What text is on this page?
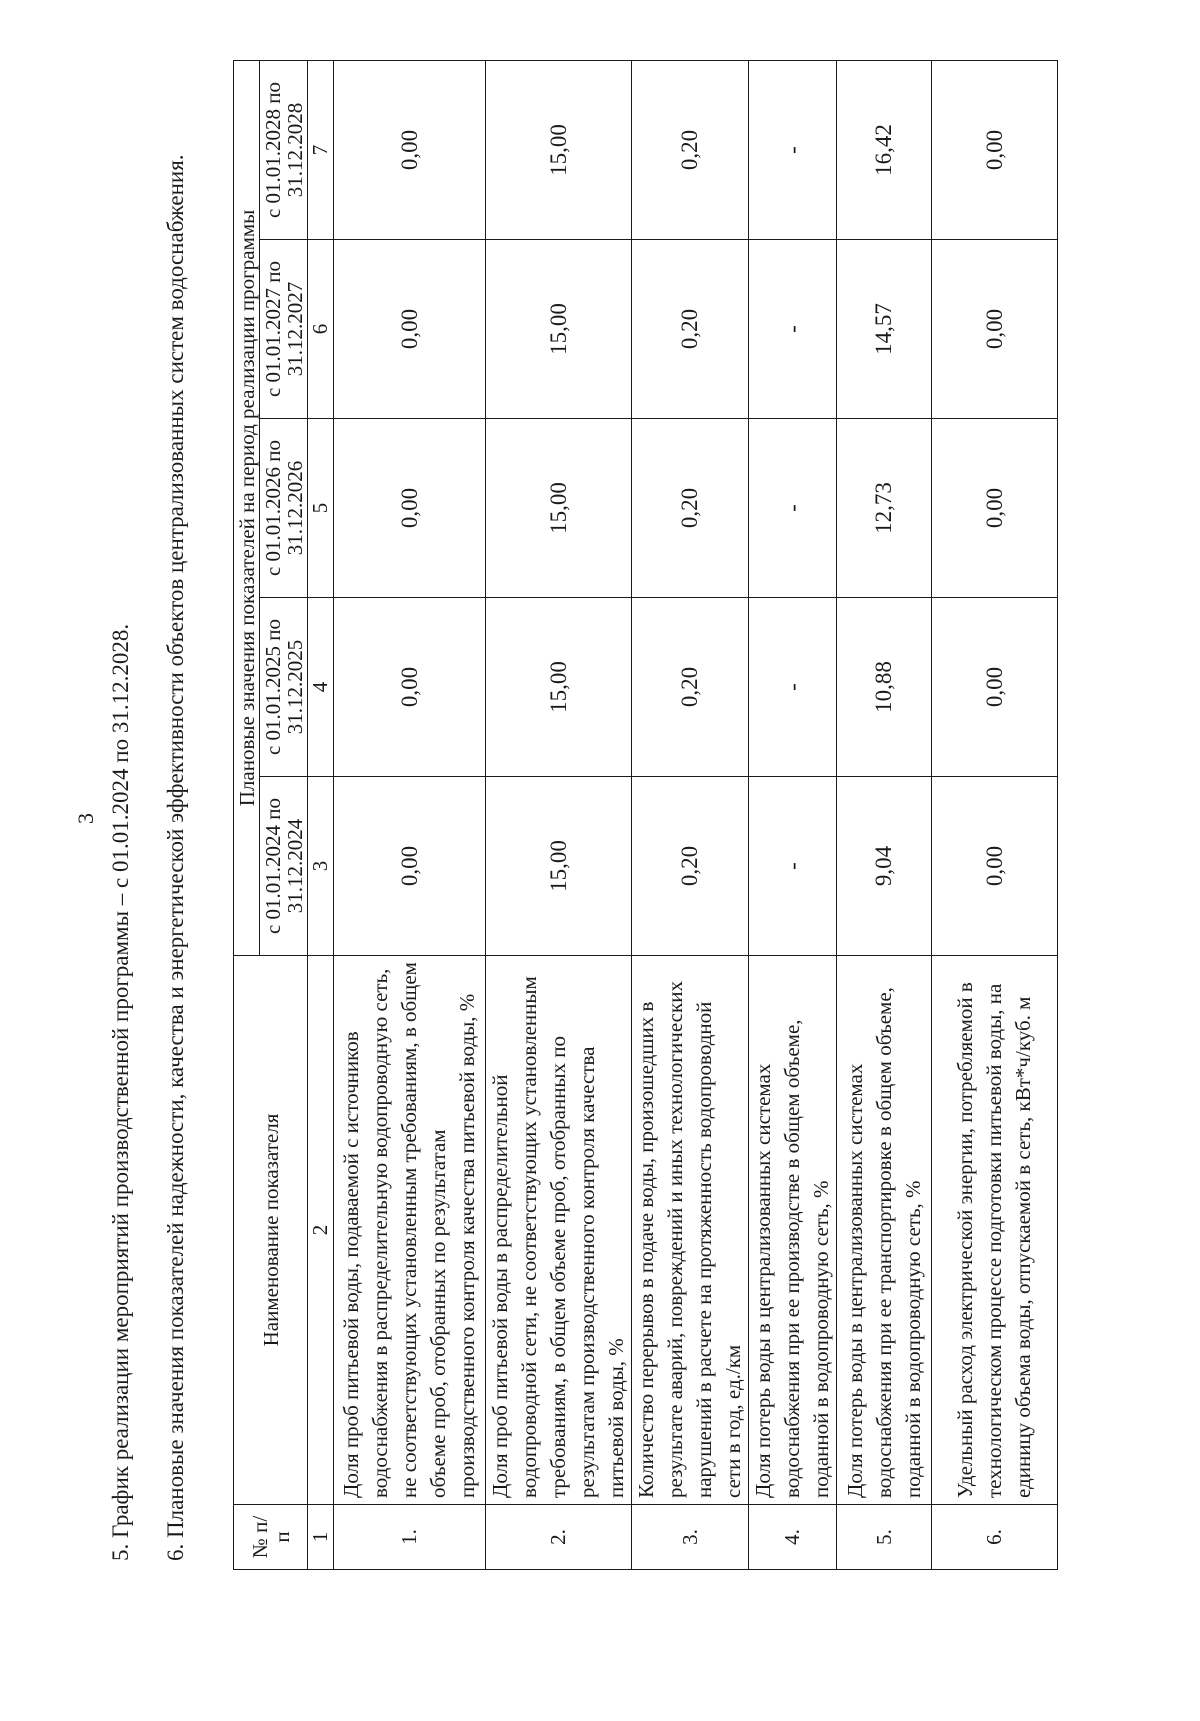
3 5. График реализации мероприятий производственной программы – с 01.01.2024 по 31.12.2028. 6. Плановые значения показателей надежности, качества и энергетической эффективности объектов централизованных систем водоснабжения.	№ п/п	Наименование показателя	Плановые значения показателей на период реализации программы				
		с 01.01.2024 по 31.12.2024	с 01.01.2025 по 31.12.2025	с 01.01.2026 по 31.12.2026	с 01.01.2027 по 31.12.2027	с 01.01.2028 по 31.12.2028
1	2	3	4	5	6	7
1.	Доля проб питьевой воды, подаваемой с источников водоснабжения в распределительную водопроводную сеть, не соответствующих установленным требованиям, в общем объеме проб, отобранных по результатам производственного контроля качества питьевой воды, %	0,00	0,00	0,00	0,00	0,00
2.	Доля проб питьевой воды в распределительной водопроводной сети, не соответствующих установленным требованиям, в общем объеме проб, отобранных по результатам производственного контроля качества питьевой воды, %	15,00	15,00	15,00	15,00	15,00
3.	Количество перерывов в подаче воды, произошедших в результате аварий, повреждений и иных технологических нарушений в расчете на протяженность водопроводной сети в год, ед./км	0,20	0,20	0,20	0,20	0,20
4.	Доля потерь воды в централизованных системах водоснабжения при ее производстве в общем объеме, поданной в водопроводную сеть, %	-	-	-	-	-
5.	Доля потерь воды в централизованных системах водоснабжения при ее транспортировке в общем объеме, поданной в водопроводную сеть, %	9,04	10,88	12,73	14,57	16,42
6.	Удельный расход электрической энергии, потребляемой в технологическом процессе подготовки питьевой воды, на единицу объема воды, отпускаемой в сеть, кВт*ч/куб. м	0,00	0,00	0,00	0,00	0,00
